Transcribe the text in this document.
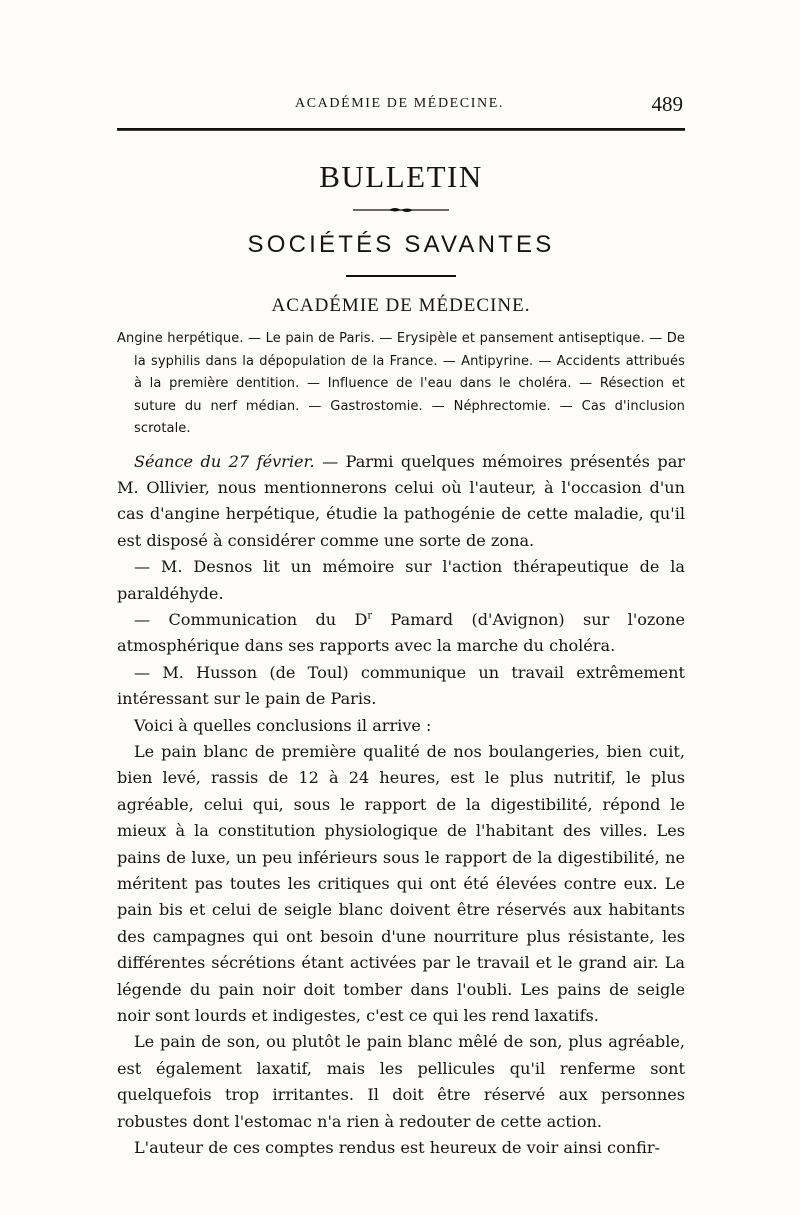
ACADÉMIE DE MÉDECINE.	489
BULLETIN
SOCIÉTÉS SAVANTES
ACADÉMIE DE MÉDECINE.
Angine herpétique. — Le pain de Paris. — Erysipèle et pansement antiseptique. — De la syphilis dans la dépopulation de la France. — Antipyrine. — Accidents attribués à la première dentition. — Influence de l'eau dans le choléra. — Résection et suture du nerf médian. — Gastrostomie. — Néphrectomie. — Cas d'inclusion scrotale.

Séance du 27 février. — Parmi quelques mémoires présentés par M. Ollivier, nous mentionnerons celui où l'auteur, à l'occasion d'un cas d'angine herpétique, étudie la pathogénie de cette maladie, qu'il est disposé à considérer comme une sorte de zona.

— M. Desnos lit un mémoire sur l'action thérapeutique de la paraldéhyde.

— Communication du $D^r$ Pamard (d'Avignon) sur l'ozone atmosphérique dans ses rapports avec la marche du choléra.

— M. Husson (de Toul) communique un travail extrêmement intéressant sur le pain de Paris.

Voici à quelles conclusions il arrive :

Le pain blanc de première qualité de nos boulangeries, bien cuit, bien levé, rassis de 12 à 24 heures, est le plus nutritif, le plus agréable, celui qui, sous le rapport de la digestibilité, répond le mieux à la constitution physiologique de l'habitant des villes. Les pains de luxe, un peu inférieurs sous le rapport de la digestibilité, ne méritent pas toutes les critiques qui ont été élevées contre eux. Le pain bis et celui de seigle blanc doivent être réservés aux habitants des campagnes qui ont besoin d'une nourriture plus résistante, les différentes sécrétions étant activées par le travail et le grand air. La légende du pain noir doit tomber dans l'oubli. Les pains de seigle noir sont lourds et indigestes, c'est ce qui les rend laxatifs.

Le pain de son, ou plutôt le pain blanc mêlé de son, plus agréable, est également laxatif, mais les pellicules qu'il renferme sont quelquefois trop irritantes. Il doit être réservé aux personnes robustes dont l'estomac n'a rien à redouter de cette action.

L'auteur de ces comptes rendus est heureux de voir ainsi confir-
